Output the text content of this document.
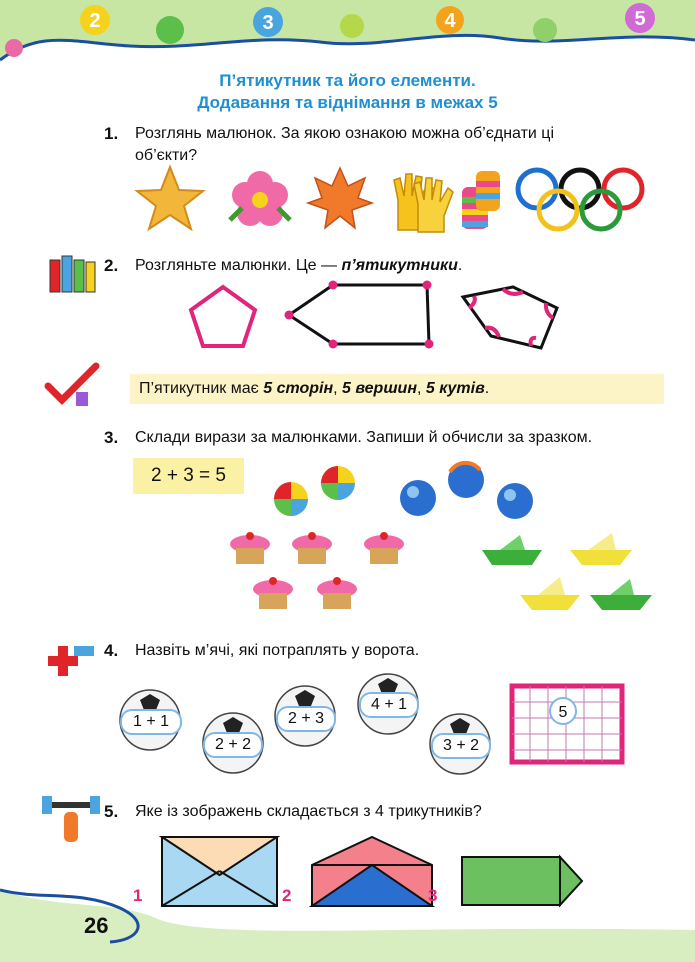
2	3	4	5
П’ятикутник та його елементи.
Додавання та віднімання в межах 5
1. Розглянь малюнок. За якою ознакою можна об’єднати ці
об’єкти?
2. Розгляньте малюнки. Це — п’ятикутники.
П’ятикутник має 5 сторін, 5 вершин, 5 кутів.
3. Склади вирази за малюнками. Запиши й обчисли за зразком.
2 + 3 = 5
4. Назвіть м’ячі, які потраплять у ворота.
5
1 + 1
2 + 2
2 + 3
4 + 1
3 + 2
5. Яке із зображень складається з 4 трикутників?
1	2	3
26
